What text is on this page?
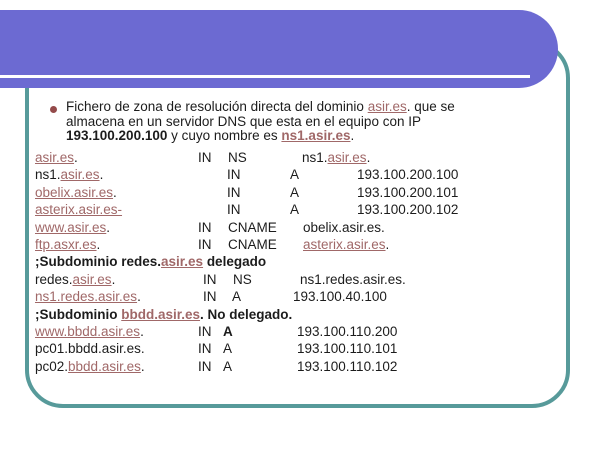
Fichero de zona de resolución directa del dominio asir.es. que se
almacena en un servidor DNS que esta en el equipo con IP
193.100.200.100 y cuyo nombre es ns1.asir.es.
asir.es.	IN NS	ns1.asir.es.
ns1.asir.es.	IN	A	193.100.200.100
obelix.asir.es.	IN	A	193.100.200.101
asterix.asir.es-	IN	A	193.100.200.102
www.asir.es.	IN CNAME obelix.asir.es.
ftp.asxr.es.	IN CNAME asterix.asir.es.
;Subdominio redes.asir.es delegado
redes.asir.es.	IN NS	ns1.redes.asir.es.
ns1.redes.asir.es.	IN A	193.100.40.100
;Subdominio bbdd.asir.es. No delegado.
www.bbdd.asir.es.	IN A	193.100.110.200
pc01.bbdd.asir.es.	IN A	193.100.110.101
pc02.bbdd.asir.es.	IN A	193.100.110.102
